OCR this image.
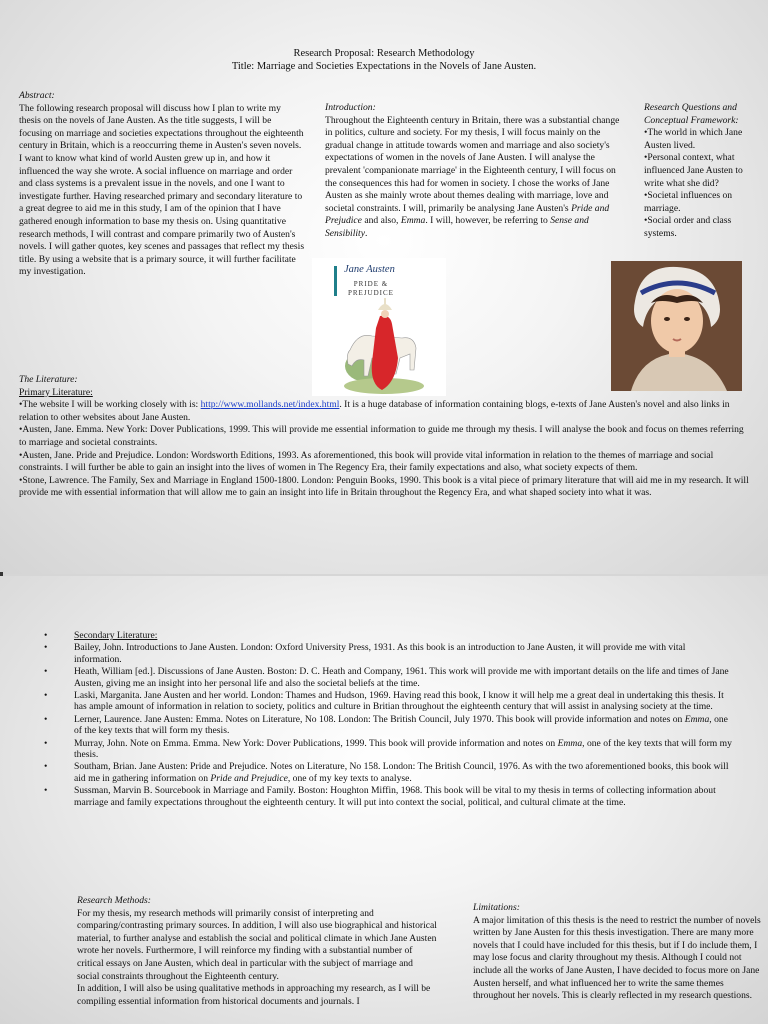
Research Proposal: Research Methodology
Title: Marriage and Societies Expectations in the Novels of Jane Austen.

Abstract:

The following research proposal will discuss how I plan to write my thesis on the novels of Jane Austen. As the title suggests, I will be focusing on marriage and societies expectations throughout the eighteenth century in Britain, which is a reoccurring theme in Austen's seven novels. I want to know what kind of world Austen grew up in, and how it influenced the way she wrote. A social influence on marriage and order and class systems is a prevalent issue in the novels, and one I want to investigate further. Having researched primary and secondary literature to a great degree to aid me in this study, I am of the opinion that I have gathered enough information to base my thesis on. Using quantitative research methods, I will contrast and compare primarily two of Austen's novels. I will gather quotes, key scenes and passages that reflect my thesis title. By using a website that is a primary source, it will further facilitate my investigation.

Introduction:

Throughout the Eighteenth century in Britain, there was a substantial change in politics, culture and society. For my thesis, I will focus mainly on the gradual change in attitude towards women and marriage and also society's expectations of women in the novels of Jane Austen. I will analyse the prevalent 'companionate marriage' in the Eighteenth century, I will focus on the consequences this had for women in society. I chose the works of Jane Austen as she mainly wrote about themes dealing with marriage, love and societal constraints. I will, primarily be analysing Jane Austen's Pride and Prejudice and also, Emma. I will, however, be referring to Sense and Sensibility.

Research Questions and Conceptual Framework:

•The world in which Jane Austen lived.

•Personal context, what influenced Jane Austen to write what she did?

•Societal influences on marriage.

•Social order and class systems.

Jane Austen
PRIDE &
PREJUDICE

The Literature:

Primary Literature:

•The website I will be working closely with is: http://www.mollands.net/index.html. It is a huge database of information containing blogs, e-texts of Jane Austen's novel and also links in relation to other websites about Jane Austen.

•Austen, Jane. Emma. New York: Dover Publications, 1999. This will provide me essential information to guide me through my thesis. I will analyse the book and focus on themes referring to marriage and societal constraints.

•Austen, Jane. Pride and Prejudice. London: Wordsworth Editions, 1993. As aforementioned, this book will provide vital information in relation to the themes of marriage and social constraints. I will further be able to gain an insight into the lives of women in The Regency Era, their family expectations and also, what society expects of them.

•Stone, Lawrence. The Family, Sex and Marriage in England 1500-1800. London: Penguin Books, 1990. This book is a vital piece of primary literature that will aid me in my research. It will provide me with essential information that will allow me to gain an insight into life in Britain throughout the Regency Era, and what shaped society into what it was.

• Secondary Literature:
• Bailey, John. Introductions to Jane Austen. London: Oxford University Press, 1931. As this book is an introduction to Jane Austen, it will provide me with vital information.
• Heath, William [ed.]. Discussions of Jane Austen. Boston: D. C. Heath and Company, 1961. This work will provide me with important details on the life and times of Jane Austen, giving me an insight into her personal life and also the societal beliefs at the time.
• Laski, Marganita. Jane Austen and her world. London: Thames and Hudson, 1969. Having read this book, I know it will help me a great deal in undertaking this thesis. It has ample amount of information in relation to society, politics and culture in Britian throughout the eighteenth century that will assist in analysing society at the time.
• Lerner, Laurence. Jane Austen: Emma. Notes on Literature, No 108. London: The British Council, July 1970. This book will provide information and notes on Emma, one of the key texts that will form my thesis.
• Murray, John. Note on Emma. Emma. New York: Dover Publications, 1999. This book will provide information and notes on Emma, one of the key texts that will form my thesis.
• Southam, Brian. Jane Austen: Pride and Prejudice. Notes on Literature, No 158. London: The British Council, 1976. As with the two aforementioned books, this book will aid me in gathering information on Pride and Prejudice, one of my key texts to analyse.
• Sussman, Marvin B. Sourcebook in Marriage and Family. Boston: Houghton Miffin, 1968. This book will be vital to my thesis in terms of collecting information about marriage and family expectations throughout the eighteenth century. It will put into context the social, political, and cultural climate at the time.

Research Methods:

For my thesis, my research methods will primarily consist of interpreting and comparing/contrasting primary sources. In addition, I will also use biographical and historical material, to further analyse and establish the social and political climate in which Jane Austen wrote her novels. Furthermore, I will reinforce my finding with a substantial number of critical essays on Jane Austen, which deal in particular with the subject of marriage and social constraints throughout the Eighteenth century.

In addition, I will also be using qualitative methods in approaching my research, as I will be compiling essential information from historical documents and journals. I

Limitations:

A major limitation of this thesis is the need to restrict the number of novels written by Jane Austen for this thesis investigation. There are many more novels that I could have included for this thesis, but if I do include them, I may lose focus and clarity throughout my thesis. Although I could not include all the works of Jane Austen, I have decided to focus more on Jane Austen herself, and what influenced her to write the same themes throughout her novels. This is clearly reflected in my research questions.
